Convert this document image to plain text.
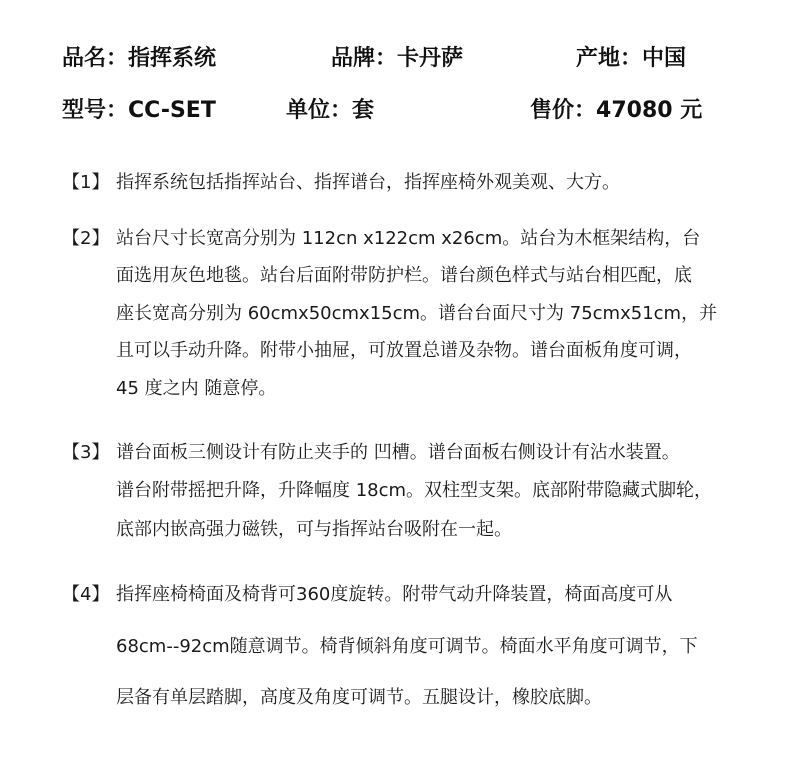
品名：指挥系统	品牌：卡丹萨	产地：中国
型号：CC-SET	单位：套	售价：47080 元
【1】 指挥系统包括指挥站台、指挥谱台，指挥座椅外观美观、大方。
【2】 站台尺寸长宽高分别为 112cn x122cm x26cm。站台为木框架结构，台
面选用灰色地毯。站台后面附带防护栏。谱台颜色样式与站台相匹配，底
座长宽高分别为 60cmx50cmx15cm。谱台台面尺寸为 75cmx51cm，并
且可以手动升降。附带小抽屉，可放置总谱及杂物。谱台面板角度可调，
45 度之内 随意停。
【3】 谱台面板三侧设计有防止夹手的 凹槽。谱台面板右侧设计有沾水装置。
谱台附带摇把升降，升降幅度 18cm。双柱型支架。底部附带隐藏式脚轮，
底部内嵌高强力磁铁，可与指挥站台吸附在一起。
【4】 指挥座椅椅面及椅背可360度旋转。附带气动升降装置，椅面高度可从
68cm--92cm随意调节。椅背倾斜角度可调节。椅面水平角度可调节，下
层备有单层踏脚，高度及角度可调节。五腿设计，橡胶底脚。
